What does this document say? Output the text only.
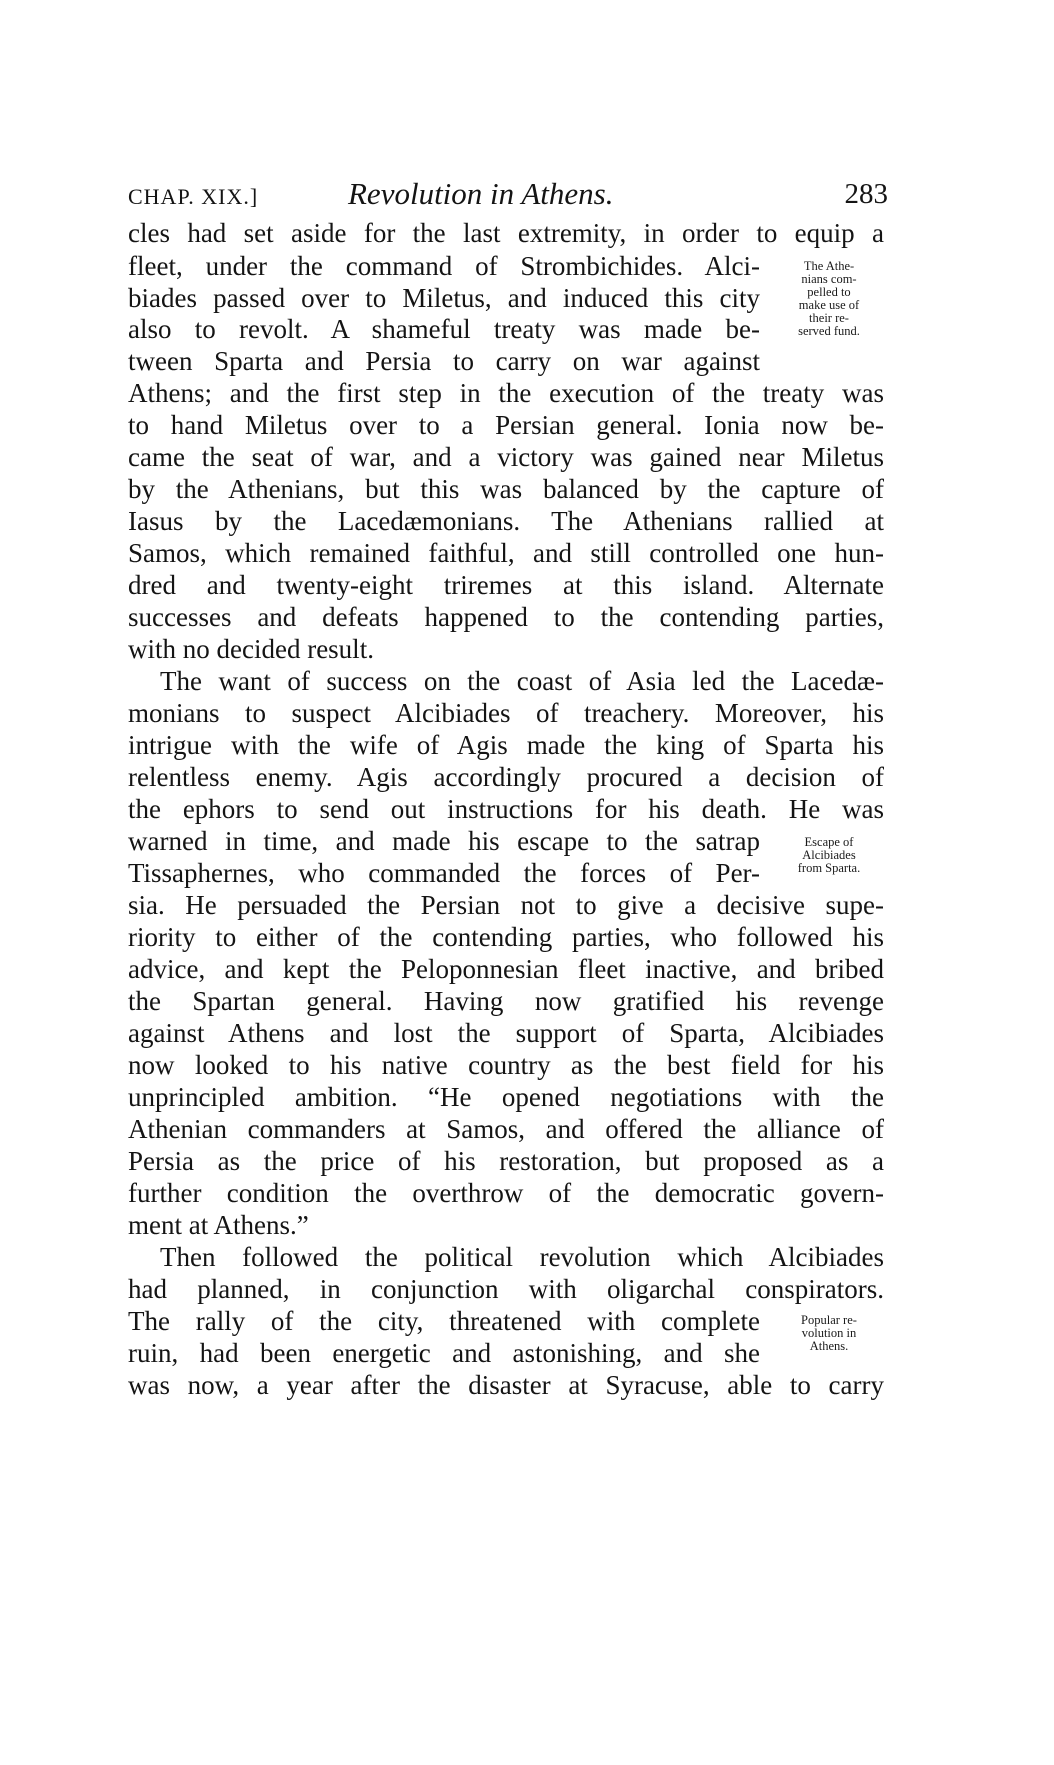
CHAP. XIX.]	Revolution in Athens.	283
cles had set aside for the last extremity, in order to equip a
fleet, under the command of Strombichides. Alci-
biades passed over to Miletus, and induced this city
also to revolt. A shameful treaty was made be-
tween Sparta and Persia to carry on war against
Athens; and the first step in the execution of the treaty was
to hand Miletus over to a Persian general. Ionia now be-
came the seat of war, and a victory was gained near Miletus
by the Athenians, but this was balanced by the capture of
Iasus by the Lacedæmonians. The Athenians rallied at
Samos, which remained faithful, and still controlled one hun-
dred and twenty-eight triremes at this island. Alternate
successes and defeats happened to the contending parties,
with no decided result.
The want of success on the coast of Asia led the Lacedæ-
monians to suspect Alcibiades of treachery. Moreover, his
intrigue with the wife of Agis made the king of Sparta his
relentless enemy. Agis accordingly procured a decision of
the ephors to send out instructions for his death. He was
warned in time, and made his escape to the satrap
Tissaphernes, who commanded the forces of Per-
sia. He persuaded the Persian not to give a decisive supe-
riority to either of the contending parties, who followed his
advice, and kept the Peloponnesian fleet inactive, and bribed
the Spartan general. Having now gratified his revenge
against Athens and lost the support of Sparta, Alcibiades
now looked to his native country as the best field for his
unprincipled ambition. “He opened negotiations with the
Athenian commanders at Samos, and offered the alliance of
Persia as the price of his restoration, but proposed as a
further condition the overthrow of the democratic govern-
ment at Athens.”
Then followed the political revolution which Alcibiades
had planned, in conjunction with oligarchal conspirators.
The rally of the city, threatened with complete
ruin, had been energetic and astonishing, and she
was now, a year after the disaster at Syracuse, able to carry
The Athe-
nians com-
pelled to
make use of
their re-
served fund.
Escape of
Alcibiades
from Sparta.
Popular re-
volution in
Athens.
